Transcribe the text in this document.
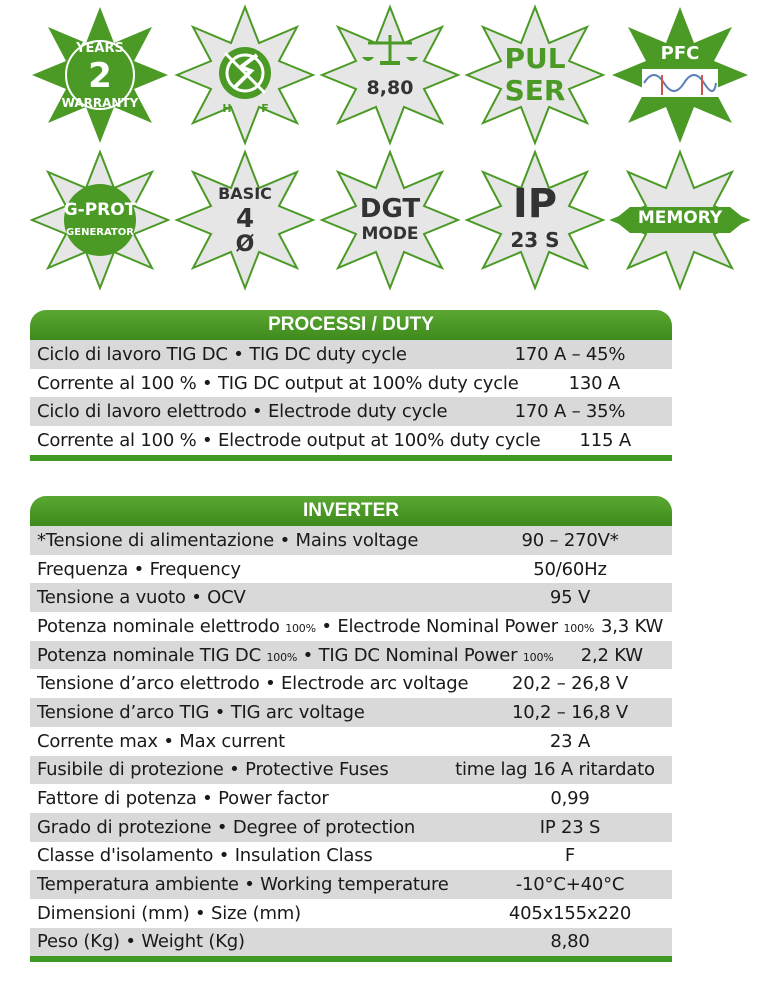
YEARS
2
WARRANTY	H	F
8,80
PUL
SER
PFC
G-PROT
GENERATOR
BASIC
4
Ø
DGT
MODE
IP
23 S
MEMORY
PROCESSI / DUTY
Ciclo di lavoro TIG DC • TIG DC duty cycle	170 A – 45%
Corrente al 100 % • TIG DC output at 100% duty cycle	130 A
Ciclo di lavoro elettrodo • Electrode duty cycle	170 A – 35%
Corrente al 100 % • Electrode output at 100% duty cycle	115 A
INVERTER
*Tensione di alimentazione • Mains voltage	90 – 270V*
Frequenza • Frequency	50/60Hz
Tensione a vuoto • OCV	95 V
Potenza nominale elettrodo 100% • Electrode Nominal Power 100% 3,3 KW
Potenza nominale TIG DC 100% • TIG DC Nominal Power 100%	2,2 KW
Tensione d’arco elettrodo • Electrode arc voltage	20,2 – 26,8 V
Tensione d’arco TIG • TIG arc voltage	10,2 – 16,8 V
Corrente max • Max current	23 A
Fusibile di protezione • Protective Fuses	time lag 16 A ritardato
Fattore di potenza • Power factor	0,99
Grado di protezione • Degree of protection	IP 23 S
Classe d'isolamento • Insulation Class	F
Temperatura ambiente • Working temperature	-10°C+40°C
Dimensioni (mm) • Size (mm)	405x155x220
Peso (Kg) • Weight (Kg)	8,80
